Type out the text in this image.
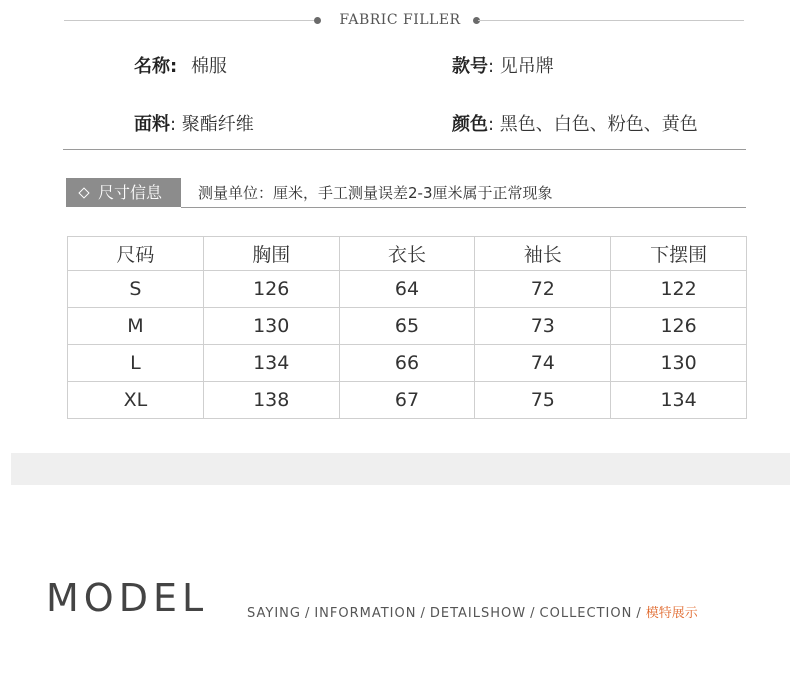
FABRIC FILLER
名称: 棉服	款号: 见吊牌
面料: 聚酯纤维	颜色: 黑色、白色、粉色、黄色
尺寸信息 测量单位：厘米，手工测量误差2-3厘米属于正常现象
尺码	胸围	衣长	袖长	下摆围
S	126	64	72	122
M	130	65	73	126
L	134	66	74	130
XL	138	67	75	134
MODEL	SAYING / INFORMATION / DETAILSHOW / COLLECTION / 模特展示
